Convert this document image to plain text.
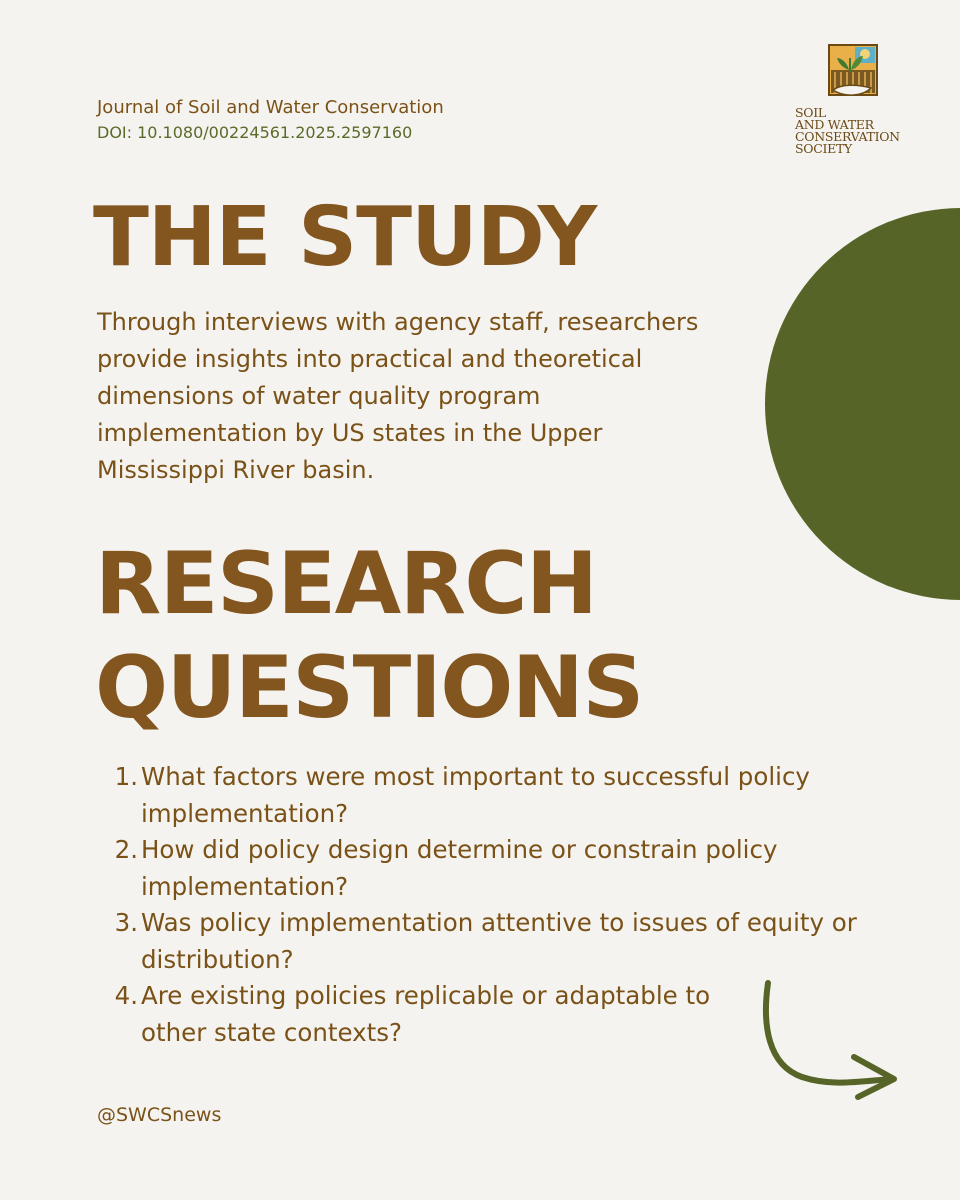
Journal of Soil and Water Conservation
DOI: 10.1080/00224561.2025.2597160
SOIL
AND WATER
CONSERVATION
SOCIETY
THE STUDY
Through interviews with agency staff, researchers provide insights into practical and theoretical dimensions of water quality program implementation by US states in the Upper Mississippi River basin.
RESEARCH
QUESTIONS
1. What factors were most important to successful policy implementation?
2. How did policy design determine or constrain policy implementation?
3. Was policy implementation attentive to issues of equity or distribution?
4. Are existing policies replicable or adaptable to other state contexts?
@SWCSnews
